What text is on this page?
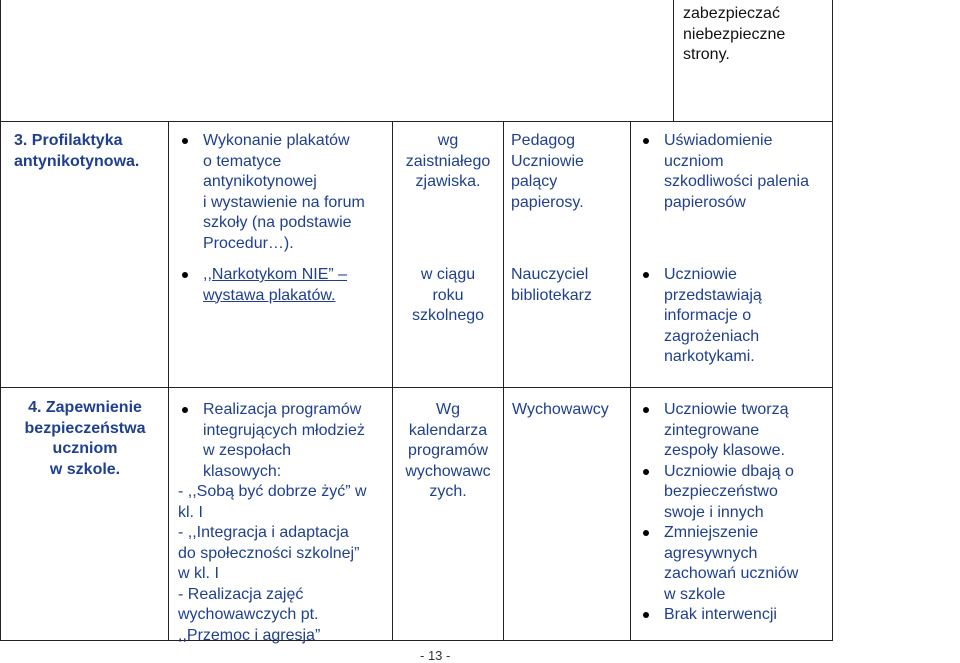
zabezpieczać
niebezpieczne
strony.
3. Profilaktyka
antynikotynowa.
Wykonanie plakatów
o tematyce
antynikotynowej
i wystawienie na forum
szkoły (na podstawie
Procedur…).
wg
zaistniałego
zjawiska.
Pedagog
Uczniowie
palący
papierosy.
Uświadomienie
uczniom
szkodliwości palenia
papierosów
,,Narkotykom NIE” –
wystawa plakatów.
w ciągu
roku
szkolnego
Nauczyciel
bibliotekarz
Uczniowie
przedstawiają
informacje o
zagrożeniach
narkotykami.
4. Zapewnienie
bezpieczeństwa
uczniom
w szkole.
Realizacja programów
integrujących młodzież
w zespołach
klasowych:
- ,,Sobą być dobrze żyć” w
kl. I
- ,,Integracja i adaptacja
do społeczności szkolnej”
w kl. I
- Realizacja zajęć
wychowawczych pt.
,,Przemoc i agresja”
Wg
kalendarza
programów
wychowawc
zych.
Wychowawcy	Uczniowie tworzą
zintegrowane
zespoły klasowe.
Uczniowie dbają o
bezpieczeństwo
swoje i innych
Zmniejszenie
agresywnych
zachowań uczniów
w szkole
Brak interwencji
- 13 -
